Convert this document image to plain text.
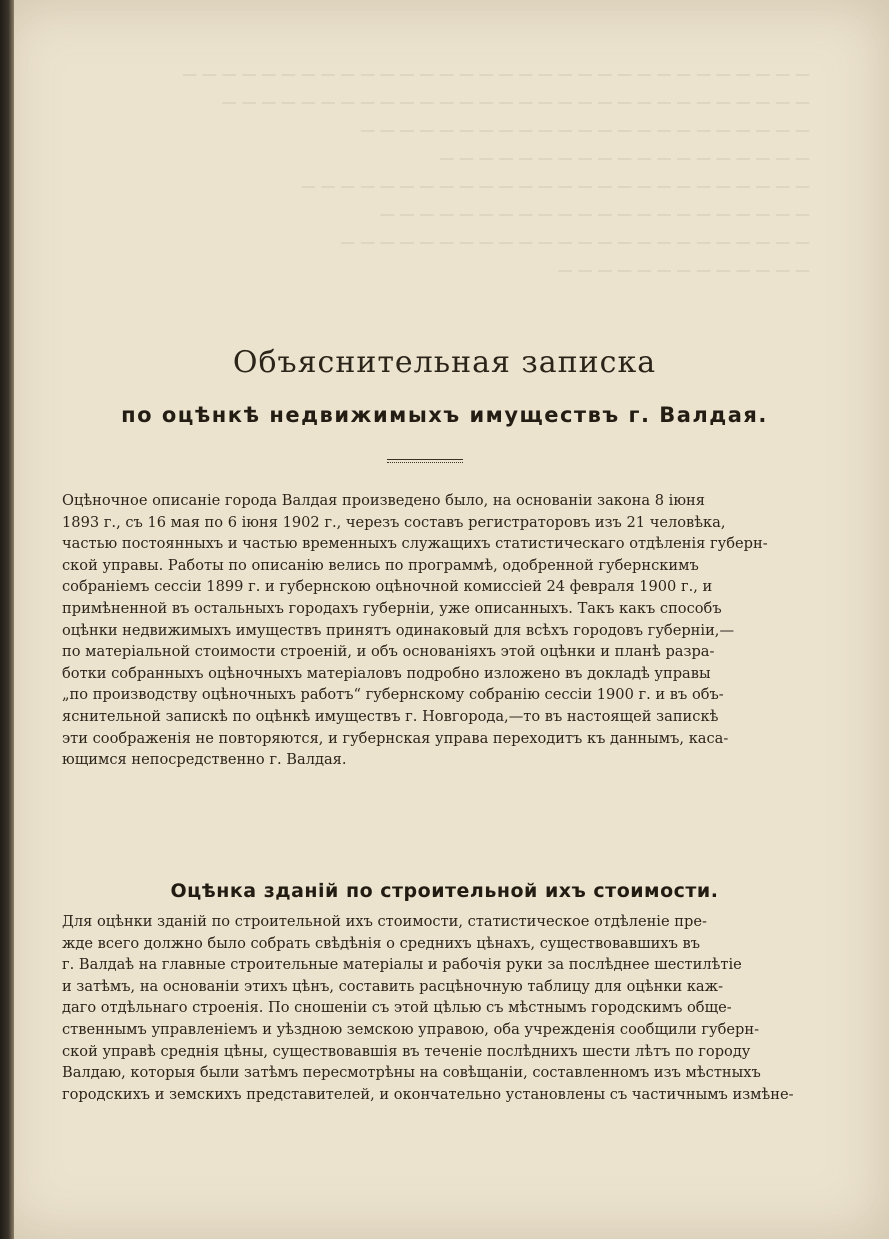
— — — — — — — — — — — — — — — — — — — — — — — — — — — — — — — —
— — — — — — — — — — — — — — — — — — — — — — — — — — — — — —
— — — — — — — — — — — — — — — — — — — — — — —
— — — — — — — — — — — — — — — — — — —
— — — — — — — — — — — — — — — — — — — — — — — — — —
— — — — — — — — — — — — — — — — — — — — — —
— — — — — — — — — — — — — — — — — — — — — — — —
— — — — — — — — — — — — —
Объяснительная записка
по оцѣнкѣ недвижимыхъ имуществъ г. Валдая.
Оцѣночное описаніе города Валдая произведено было, на основаніи закона 8 іюня
1893 г., съ 16 мая по 6 іюня 1902 г., черезъ составъ регистраторовъ изъ 21 человѣка,
частью постоянныхъ и частью временныхъ служащихъ статистическаго отдѣленія губерн-
ской управы. Работы по описанію велись по программѣ, одобренной губернскимъ
собраніемъ сессіи 1899 г. и губернскою оцѣночной комиссіей 24 февраля 1900 г., и
примѣненной въ остальныхъ городахъ губерніи, уже описанныхъ. Такъ какъ способъ
оцѣнки недвижимыхъ имуществъ принятъ одинаковый для всѣхъ городовъ губерніи,—
по матеріальной стоимости строеній, и объ основаніяхъ этой оцѣнки и планѣ разра-
ботки собранныхъ оцѣночныхъ матеріаловъ подробно изложено въ докладѣ управы
„по производству оцѣночныхъ работъ“ губернскому собранію сессіи 1900 г. и въ объ-
яснительной запискѣ по оцѣнкѣ имуществъ г. Новгорода,—то въ настоящей запискѣ
эти соображенія не повторяются, и губернская управа переходитъ къ даннымъ, каса-
ющимся непосредственно г. Валдая.
Оцѣнка зданій по строительной ихъ стоимости.
Для оцѣнки зданій по строительной ихъ стоимости, статистическое отдѣленіе пре-
жде всего должно было собрать свѣдѣнія о среднихъ цѣнахъ, существовавшихъ въ
г. Валдаѣ на главные строительные матеріалы и рабочія руки за послѣднее шестилѣтіе
и затѣмъ, на основаніи этихъ цѣнъ, составить расцѣночную таблицу для оцѣнки каж-
даго отдѣльнаго строенія. По сношеніи съ этой цѣлью съ мѣстнымъ городскимъ обще-
ственнымъ управленіемъ и уѣздною земскою управою, оба учрежденія сообщили губерн-
ской управѣ среднія цѣны, существовавшія въ теченіе послѣднихъ шести лѣтъ по городу
Валдаю, которыя были затѣмъ пересмотрѣны на совѣщаніи, составленномъ изъ мѣстныхъ
городскихъ и земскихъ представителей, и окончательно установлены съ частичнымъ измѣне-
